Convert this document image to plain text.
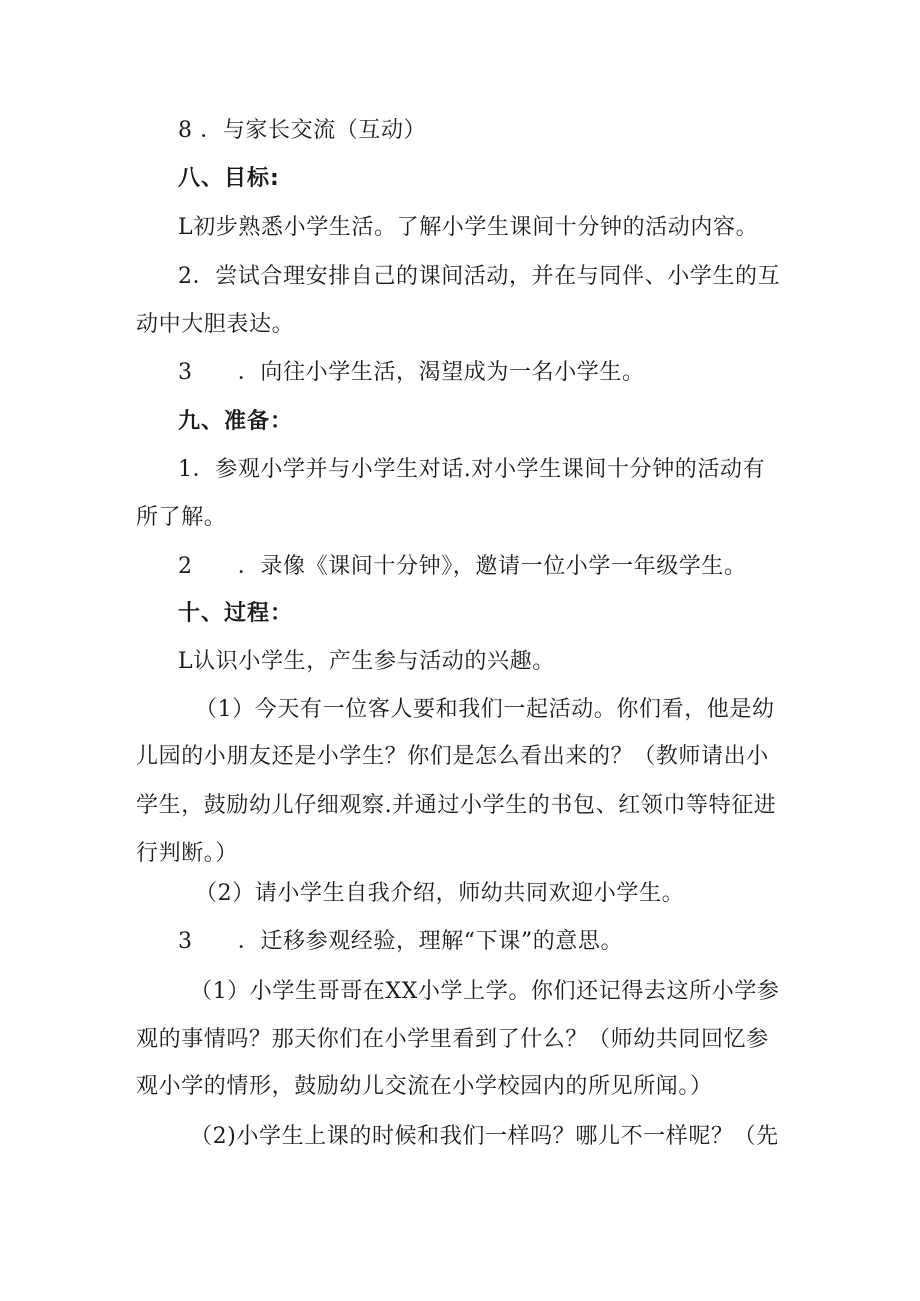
8 ．与家长交流（互动）
八、目标:
L初步熟悉小学生活。了解小学生课间十分钟的活动内容。
2．尝试合理安排自己的课间活动，并在与同伴、小学生的互
动中大胆表达。
3　　．向往小学生活，渴望成为一名小学生。
九、准备：
1．参观小学并与小学生对话.对小学生课间十分钟的活动有
所了解。
2　　．录像《课间十分钟》，邀请一位小学一年级学生。
十、过程：
L认识小学生，产生参与活动的兴趣。
（1）今天有一位客人要和我们一起活动。你们看，他是幼
儿园的小朋友还是小学生？你们是怎么看出来的？（教师请出小
学生，鼓励幼儿仔细观察.并通过小学生的书包、红领巾等特征进
行判断。）
（2）请小学生自我介绍，师幼共同欢迎小学生。
3　　．迁移参观经验，理解“下课”的意思。
（1）小学生哥哥在XX小学上学。你们还记得去这所小学参
观的事情吗？那天你们在小学里看到了什么？（师幼共同回忆参
观小学的情形，鼓励幼儿交流在小学校园内的所见所闻。）
（2)小学生上课的时候和我们一样吗？哪儿不一样呢？（先
